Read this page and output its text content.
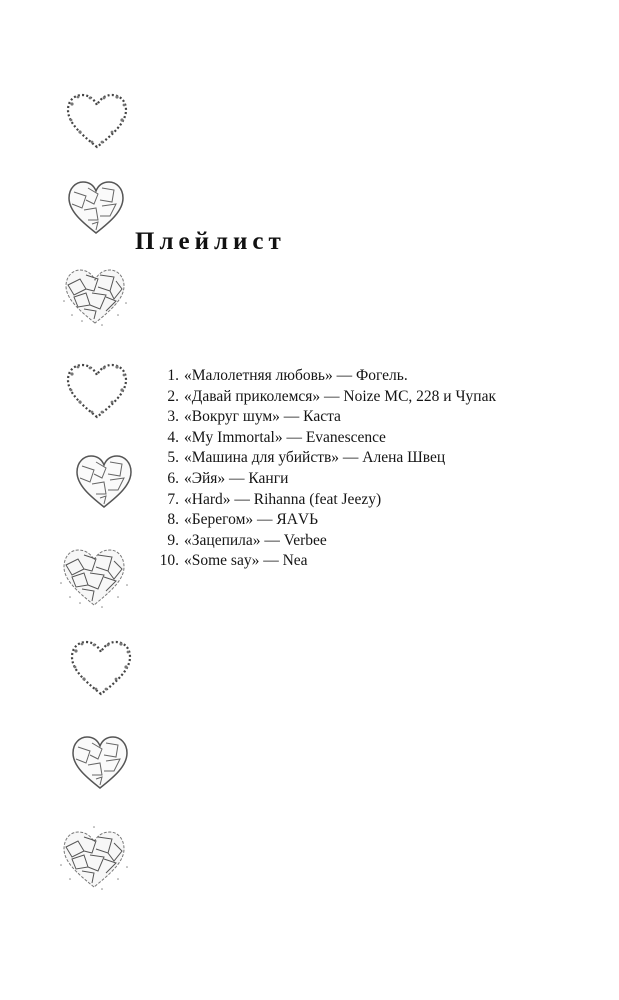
Плейлист
1. «Малолетняя любовь» — Фогель.
2. «Давай приколемся» — Noize MC, 228 и Чупак
3. «Вокруг шум» — Каста
4. «My Immortal» — Evanescence
5. «Машина для убийств» — Алена Швец
6. «Эйя» — Канги
7. «Hard» — Rihanna (feat Jeezy)
8. «Берегом» — ЯАVЬ
9. «Зацепила» — Verbee
10. «Some say» — Nea
